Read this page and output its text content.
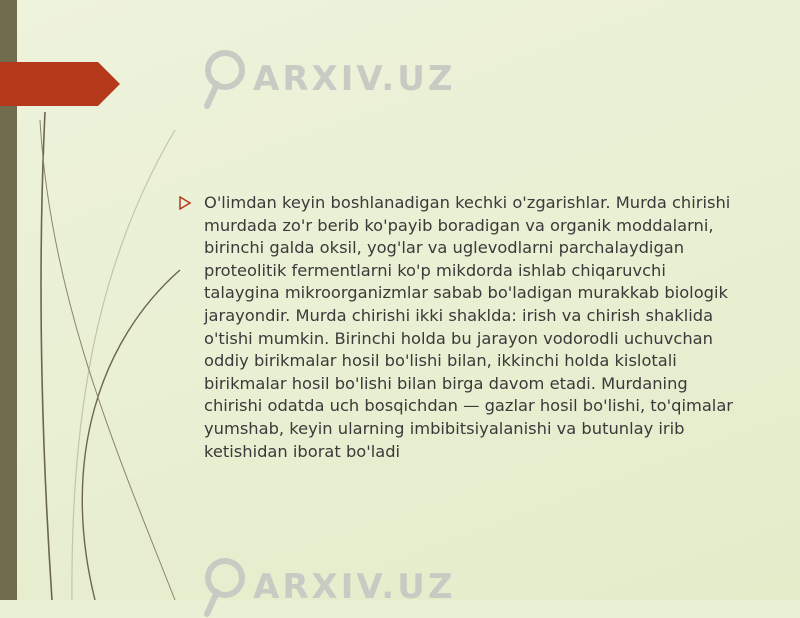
ARXIV.UZ
ARXIV.UZ

O'limdan keyin boshlanadigan kechki o'zgarishlar. Murda chirishi murdada zo'r berib ko'payib boradigan va organik moddalarni, birinchi galda oksil, yog'lar va uglevodlarni parchalaydigan proteolitik fermentlarni ko'p mikdorda ishlab chiqaruvchi talaygina mikroorganizmlar sabab bo'ladigan murakkab biologik jarayondir. Murda chirishi ikki shaklda: irish va chirish shaklida o'tishi mumkin. Birinchi holda bu jarayon vodorodli uchuvchan oddiy birikmalar hosil bo'lishi bilan, ikkinchi holda kislotali birikmalar hosil bo'lishi bilan birga davom etadi. Murdaning chirishi odatda uch bosqichdan — gazlar hosil bo'lishi, to'qimalar yumshab, keyin ularning imbibitsiyalanishi va butunlay irib ketishidan iborat bo'ladi
